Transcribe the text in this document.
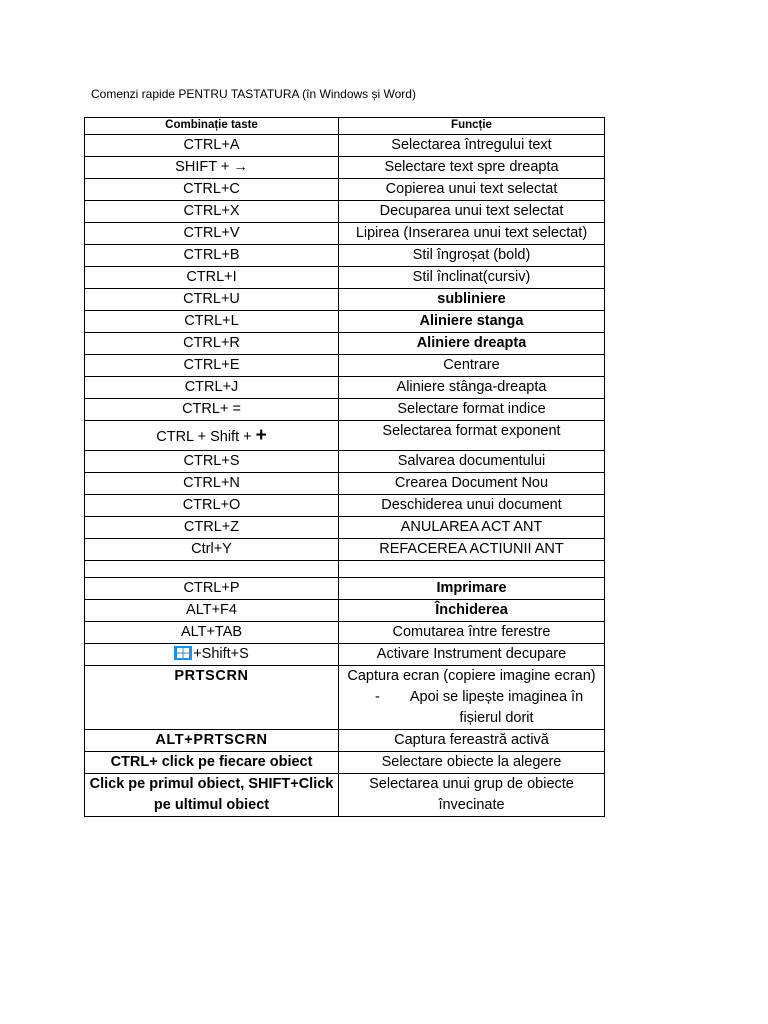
Comenzi rapide PENTRU TASTATURA (în Windows și Word)
Combinație taste	Funcție
CTRL+A	Selectarea întregului text
SHIFT + →	Selectare text spre dreapta
CTRL+C	Copierea unui text selectat
CTRL+X	Decuparea unui text selectat
CTRL+V	Lipirea (Inserarea unui text selectat)
CTRL+B	Stil îngroșat (bold)
CTRL+I	Stil înclinat(cursiv)
CTRL+U	subliniere
CTRL+L	Aliniere stanga
CTRL+R	Aliniere dreapta
CTRL+E	Centrare
CTRL+J	Aliniere stânga-dreapta
CTRL+ =	Selectare format indice
CTRL + Shift + +	Selectarea format exponent
CTRL+S	Salvarea documentului
CTRL+N	Crearea Document Nou
CTRL+O	Deschiderea unui document
CTRL+Z	ANULAREA ACT ANT
Ctrl+Y	REFACEREA ACTIUNII ANT

CTRL+P	Imprimare
ALT+F4	Închiderea
ALT+TAB	Comutarea între ferestre

+Shift+S	Activare Instrument decupare
PRTSCRN	Captura ecran (copiere imagine ecran)
- Apoi se lipește imaginea în fișierul dorit

ALT+PRTSCRN	Captura fereastră activă
CTRL+ click pe fiecare obiect	Selectare obiecte la alegere
Click pe primul obiect, SHIFT+Click pe ultimul obiect	Selectarea unui grup de obiecte învecinate
